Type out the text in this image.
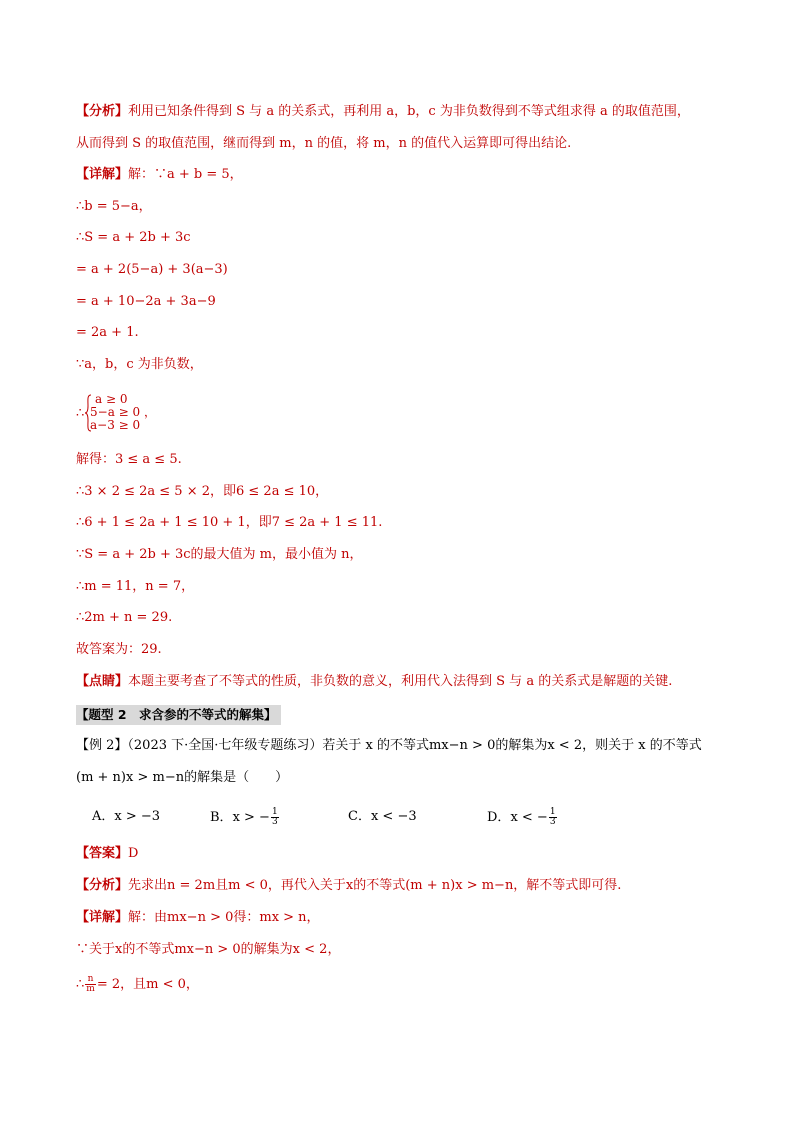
【分析】利用已知条件得到 S 与 a 的关系式，再利用 a，b，c 为非负数得到不等式组求得 a 的取值范围，
从而得到 S 的取值范围，继而得到 m，n 的值，将 m，n 的值代入运算即可得出结论.
【详解】解：∵a + b = 5，
∴b = 5−a，
∴S = a + 2b + 3c
= a + 2(5−a) + 3(a−3)
= a + 10−2a + 3a−9
= 2a + 1.
∵a，b，c 为非负数，
∴
a ≥ 0
5−a ≥ 0 ，
a−3 ≥ 0
解得：3 ≤ a ≤ 5.
∴3 × 2 ≤ 2a ≤ 5 × 2，即6 ≤ 2a ≤ 10，
∴6 + 1 ≤ 2a + 1 ≤ 10 + 1，即7 ≤ 2a + 1 ≤ 11.
∵S = a + 2b + 3c的最大值为 m，最小值为 n，
∴m = 11，n = 7，
∴2m + n = 29.
故答案为：29.
【点睛】本题主要考查了不等式的性质，非负数的意义，利用代入法得到 S 与 a 的关系式是解题的关键.
【题型 2　求含参的不等式的解集】
【例 2】（2023 下·全国·七年级专题练习）若关于 x 的不等式mx−n > 0的解集为x < 2，则关于 x 的不等式
(m + n)x > m−n的解集是（　　）
A．x > −3	B．x > − $\frac{1}{3}$	C．x < −3	D．x < − $\frac{1}{3}$
【答案】D
【分析】先求出n = 2m且m < 0，再代入关于x的不等式(m + n)x > m−n，解不等式即可得.
【详解】解：由mx−n > 0得：mx > n，
∵关于x的不等式mx−n > 0的解集为x < 2，
∴ $\frac{n}{m} = 2$，且m < 0，
